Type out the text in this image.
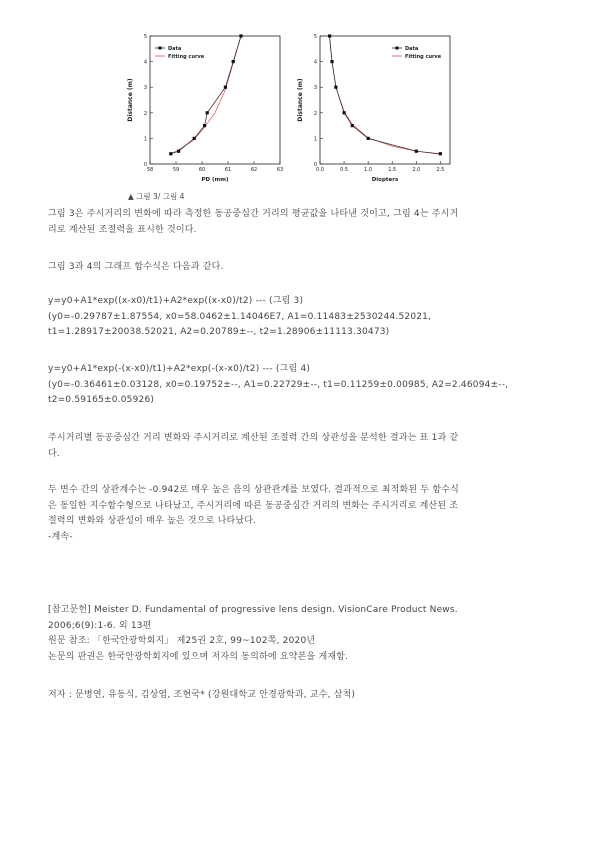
5
4
3
2
1
0
58	59	60	61	62	63
Distance (m)
PD (mm)
Data
Fitting curve
5
4
3
2
1
0
0.0	0.5	1.0	1.5	2.0	2.5
Distance (m)
Diopters
Data
Fitting curve
▲ 그림 3/ 그림 4
그림 3은 주시거리의 변화에 따라 측정한 동공중심간 거리의 평균값을 나타낸 것이고, 그림 4는 주시거
리로 계산된 조절력을 표시한 것이다.
그림 3과 4의 그래프 함수식은 다음과 같다.
y=y0+A1*exp((x-x0)/t1)+A2*exp((x-x0)/t2) --- (그림 3)
(y0=-0.29787±1.87554, x0=58.0462±1.14046E7, A1=0.11483±2530244.52021,
t1=1.28917±20038.52021, A2=0.20789±--, t2=1.28906±11113.30473)
y=y0+A1*exp(-(x-x0)/t1)+A2*exp(-(x-x0)/t2) --- (그림 4)
(y0=-0.36461±0.03128, x0=0.19752±--, A1=0.22729±--, t1=0.11259±0.00985, A2=2.46094±--,
t2=0.59165±0.05926)
주시거리별 동공중심간 거리 변화와 주시거리로 계산된 조절력 간의 상관성을 분석한 결과는 표 1과 같
다.
두 변수 간의 상관계수는 -0.942로 매우 높은 음의 상관관계를 보였다. 결과적으로 최적화된 두 함수식
은 동일한 지수함수형으로 나타났고, 주시거리에 따른 동공중심간 거리의 변화는 주시거리로 계산된 조
절력의 변화와 상관성이 매우 높은 것으로 나타났다.
-계속-
[참고문헌] Meister D. Fundamental of progressive lens design. VisionCare Product News.
2006;6(9):1-6. 외 13편
원문 참조: 「한국안광학회지」 제25권 2호, 99~102쪽, 2020년
논문의 판권은 한국안광학회지에 있으며 저자의 동의하에 요약본을 게재함.
저자 : 문병연, 유동식, 김상엽, 조현국* (강원대학교 안경광학과, 교수, 삼척)
